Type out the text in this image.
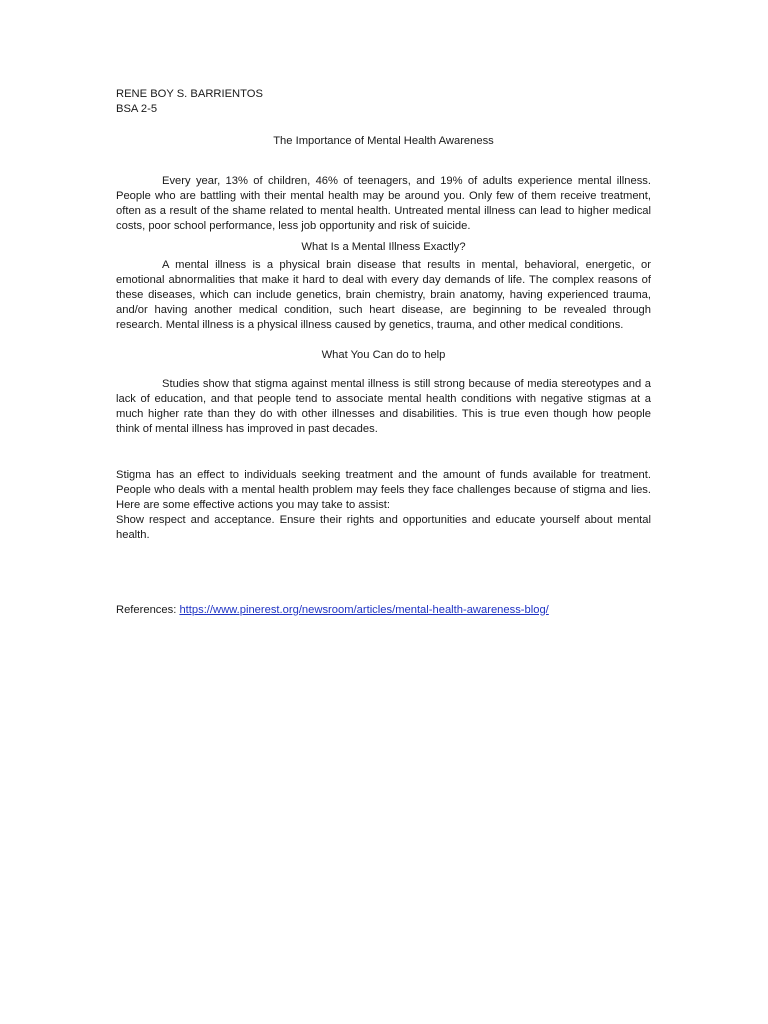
RENE BOY S. BARRIENTOS

BSA 2-5

The Importance of Mental Health Awareness

Every year, 13% of children, 46% of teenagers, and 19% of adults experience mental illness. People who are battling with their mental health may be around you. Only few of them receive treatment, often as a result of the shame related to mental health. Untreated mental illness can lead to higher medical costs, poor school performance, less job opportunity and risk of suicide.

What Is a Mental Illness Exactly?

A mental illness is a physical brain disease that results in mental, behavioral, energetic, or emotional abnormalities that make it hard to deal with every day demands of life. The complex reasons of these diseases, which can include genetics, brain chemistry, brain anatomy, having experienced trauma, and/or having another medical condition, such heart disease, are beginning to be revealed through research. Mental illness is a physical illness caused by genetics, trauma, and other medical conditions.

What You Can do to help

Studies show that stigma against mental illness is still strong because of media stereotypes and a lack of education, and that people tend to associate mental health conditions with negative stigmas at a much higher rate than they do with other illnesses and disabilities. This is true even though how people think of mental illness has improved in past decades.

Stigma has an effect to individuals seeking treatment and the amount of funds available for treatment. People who deals with a mental health problem may feels they face challenges because of stigma and lies. Here are some effective actions you may take to assist:

Show respect and acceptance. Ensure their rights and opportunities and educate yourself about mental health.

References: https://www.pinerest.org/newsroom/articles/mental-health-awareness-blog/
